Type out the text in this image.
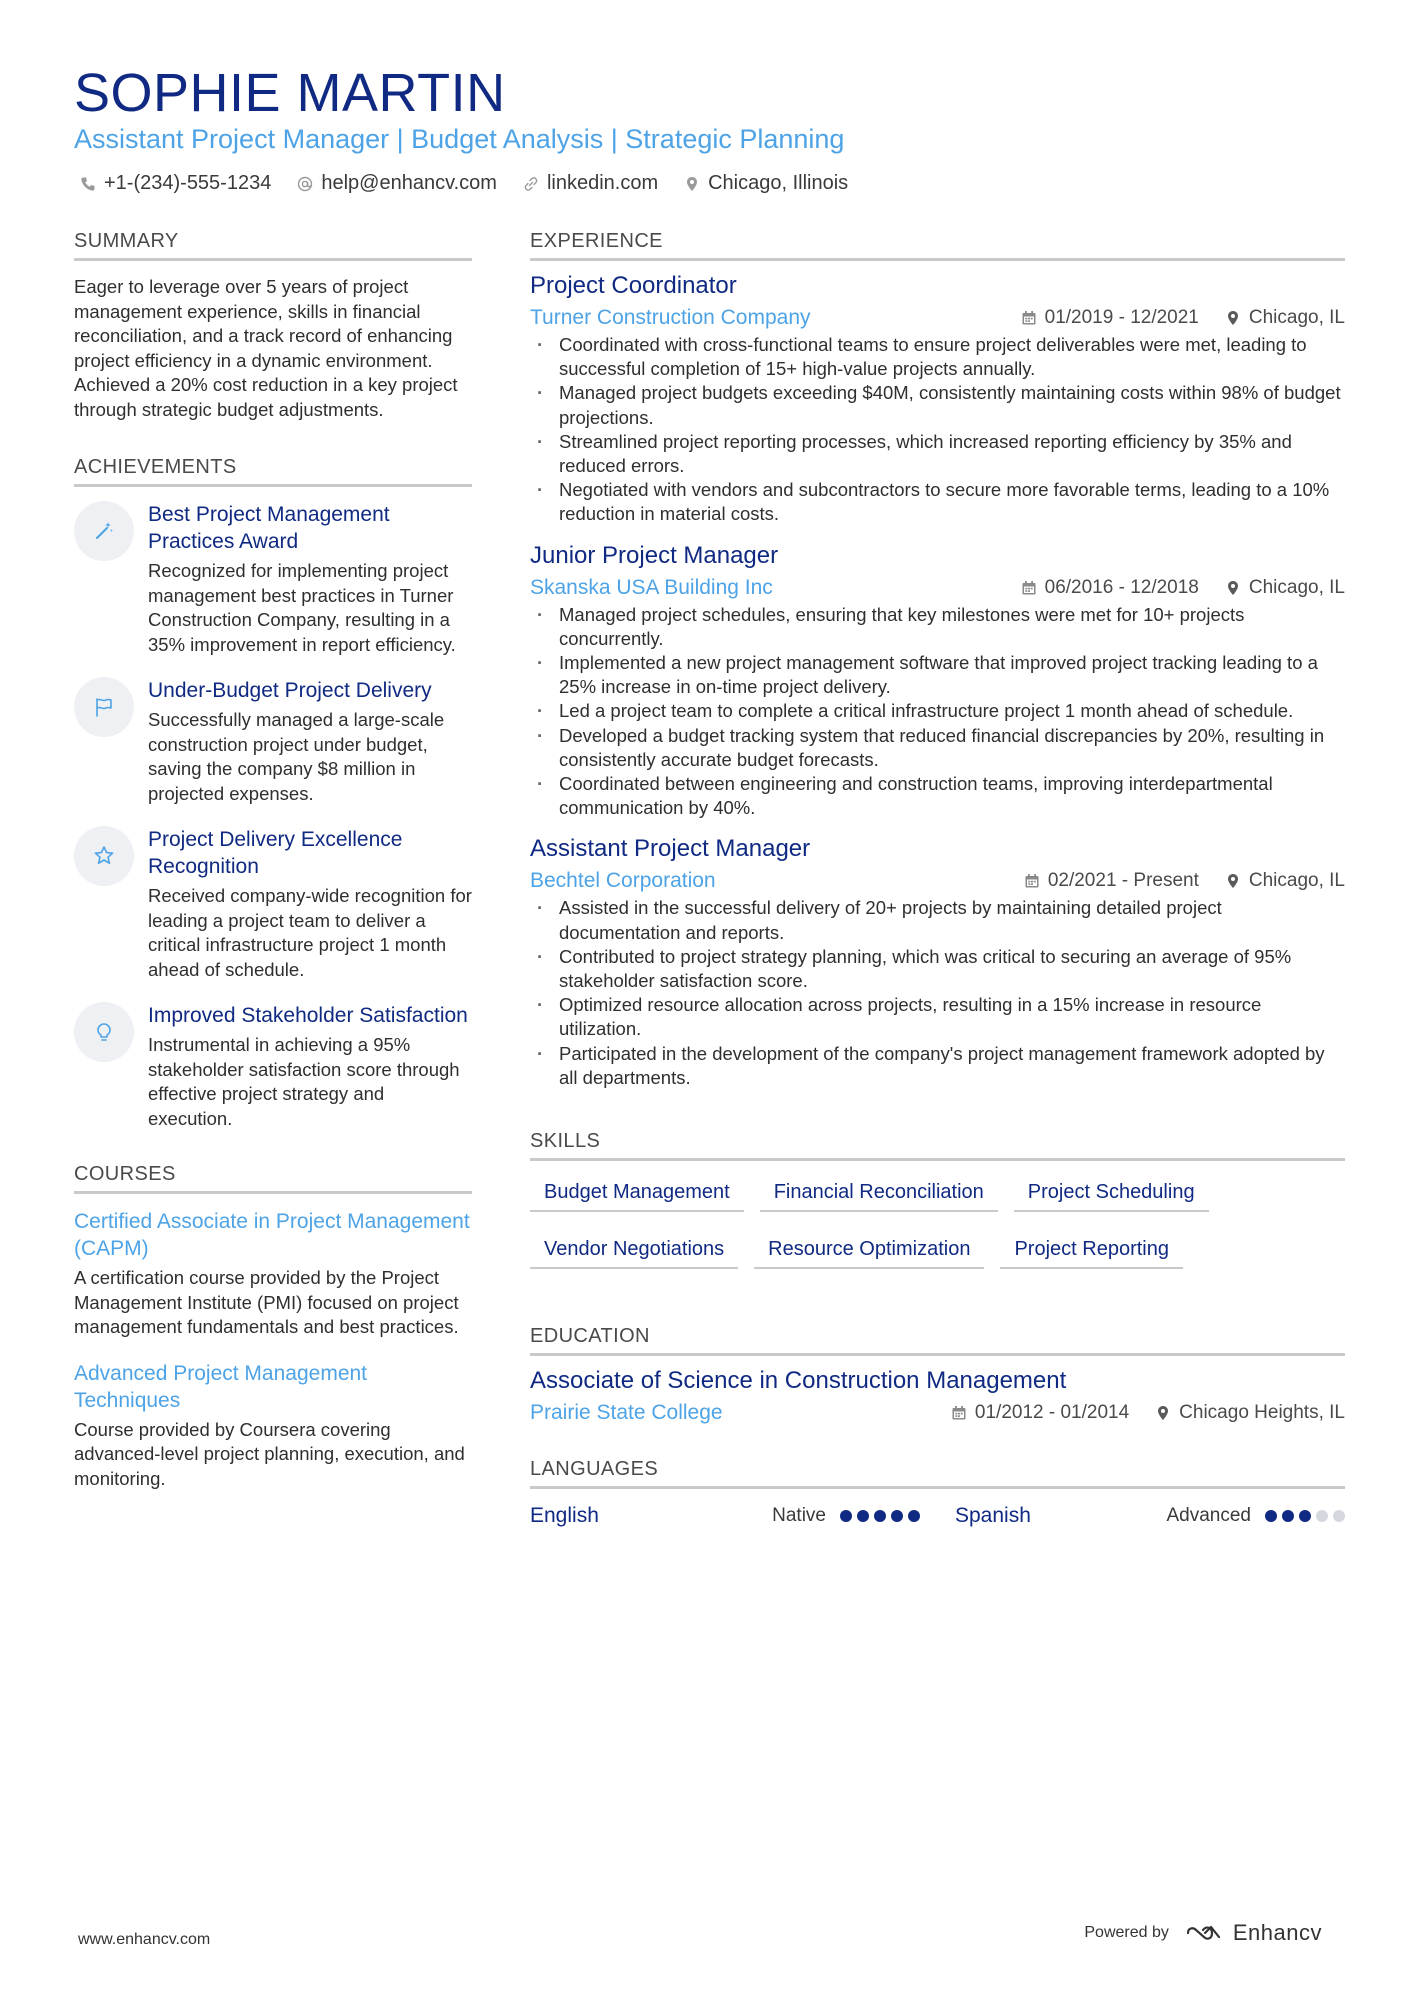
SOPHIE MARTIN
Assistant Project Manager | Budget Analysis | Strategic Planning
+1-(234)-555-1234	help@enhancv.com	linkedin.com	Chicago, Illinois
SUMMARY

Eager to leverage over 5 years of project management experience, skills in financial reconciliation, and a track record of enhancing project efficiency in a dynamic environment. Achieved a 20% cost reduction in a key project through strategic budget adjustments.

ACHIEVEMENTS
Best Project Management Practices Award

Recognized for implementing project management best practices in Turner Construction Company, resulting in a 35% improvement in report efficiency.

Under-Budget Project Delivery

Successfully managed a large-scale construction project under budget, saving the company $8 million in projected expenses.

Project Delivery Excellence Recognition

Received company-wide recognition for leading a project team to deliver a critical infrastructure project 1 month ahead of schedule.

Improved Stakeholder Satisfaction

Instrumental in achieving a 95% stakeholder satisfaction score through effective project strategy and execution.

COURSES
Certified Associate in Project Management (CAPM)

A certification course provided by the Project Management Institute (PMI) focused on project management fundamentals and best practices.

Advanced Project Management Techniques

Course provided by Coursera covering advanced-level project planning, execution, and monitoring.

EXPERIENCE
Project Coordinator
Turner Construction Company	01/2019 - 12/2021	Chicago, IL
· Coordinated with cross-functional teams to ensure project deliverables were met, leading to successful completion of 15+ high-value projects annually.
· Managed project budgets exceeding $40M, consistently maintaining costs within 98% of budget projections.
· Streamlined project reporting processes, which increased reporting efficiency by 35% and reduced errors.
· Negotiated with vendors and subcontractors to secure more favorable terms, leading to a 10% reduction in material costs.
Junior Project Manager
Skanska USA Building Inc	06/2016 - 12/2018	Chicago, IL
· Managed project schedules, ensuring that key milestones were met for 10+ projects concurrently.
· Implemented a new project management software that improved project tracking leading to a 25% increase in on-time project delivery.
· Led a project team to complete a critical infrastructure project 1 month ahead of schedule.
· Developed a budget tracking system that reduced financial discrepancies by 20%, resulting in consistently accurate budget forecasts.
· Coordinated between engineering and construction teams, improving interdepartmental communication by 40%.
Assistant Project Manager
Bechtel Corporation	02/2021 - Present	Chicago, IL
· Assisted in the successful delivery of 20+ projects by maintaining detailed project documentation and reports.
· Contributed to project strategy planning, which was critical to securing an average of 95% stakeholder satisfaction score.
· Optimized resource allocation across projects, resulting in a 15% increase in resource utilization.
· Participated in the development of the company's project management framework adopted by all departments.
SKILLS
Budget Management	Financial Reconciliation	Project Scheduling
Vendor Negotiations	Resource Optimization	Project Reporting
EDUCATION
Associate of Science in Construction Management
Prairie State College	01/2012 - 01/2014	Chicago Heights, IL
LANGUAGES
English	Native	Spanish	Advanced
www.enhancv.com	Powered by	Enhancv
